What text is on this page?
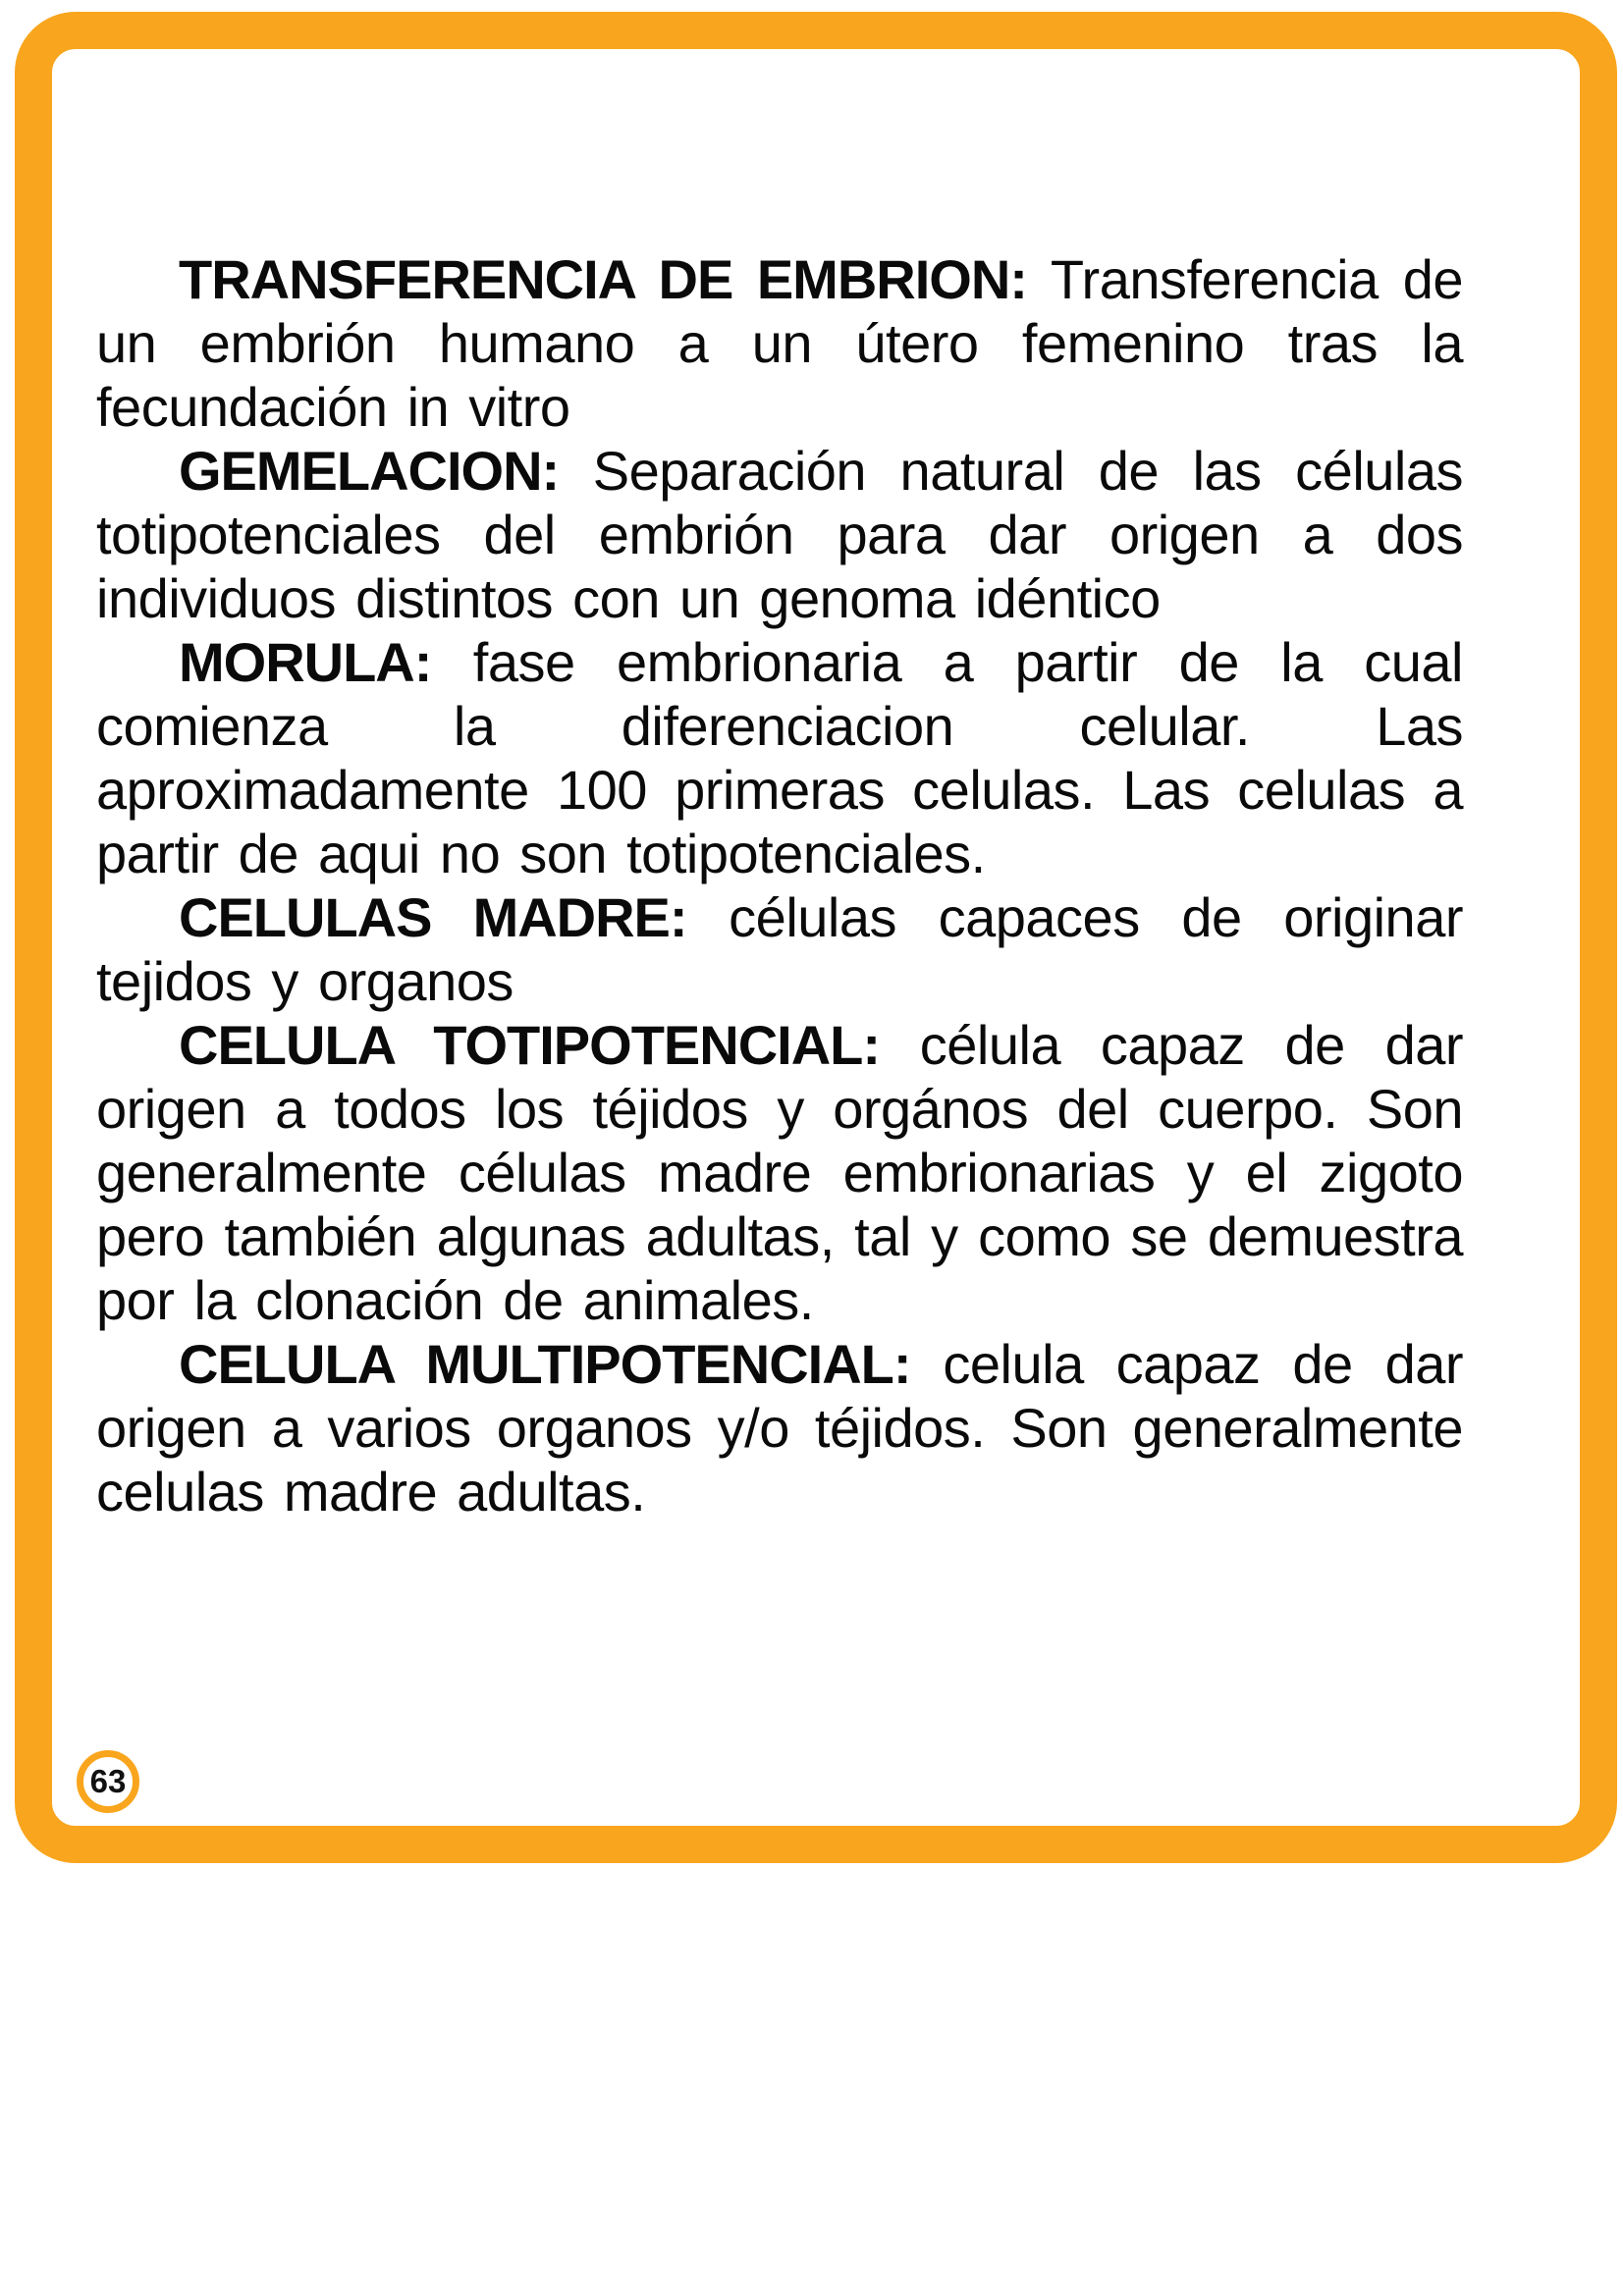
TRANSFERENCIA DE EMBRION: Transferencia de un embrión humano a un útero femenino tras la fecundación in vitro

GEMELACION: Separación natural de las células totipotenciales del embrión para dar origen a dos individuos distintos con un genoma idéntico

MORULA: fase embrionaria a partir de la cual comienza la diferenciacion celular. Las aproximadamente 100 primeras celulas. Las celulas a partir de aqui no son totipotenciales.

CELULAS MADRE: células capaces de originar tejidos y organos

CELULA TOTIPOTENCIAL: célula capaz de dar origen a todos los téjidos y orgános del cuerpo. Son generalmente células madre embrionarias y el zigoto pero también algunas adultas, tal y como se demuestra por la clonación de animales.

CELULA MULTIPOTENCIAL: celula capaz de dar origen a varios organos y/o téjidos. Son generalmente celulas madre adultas.

63
